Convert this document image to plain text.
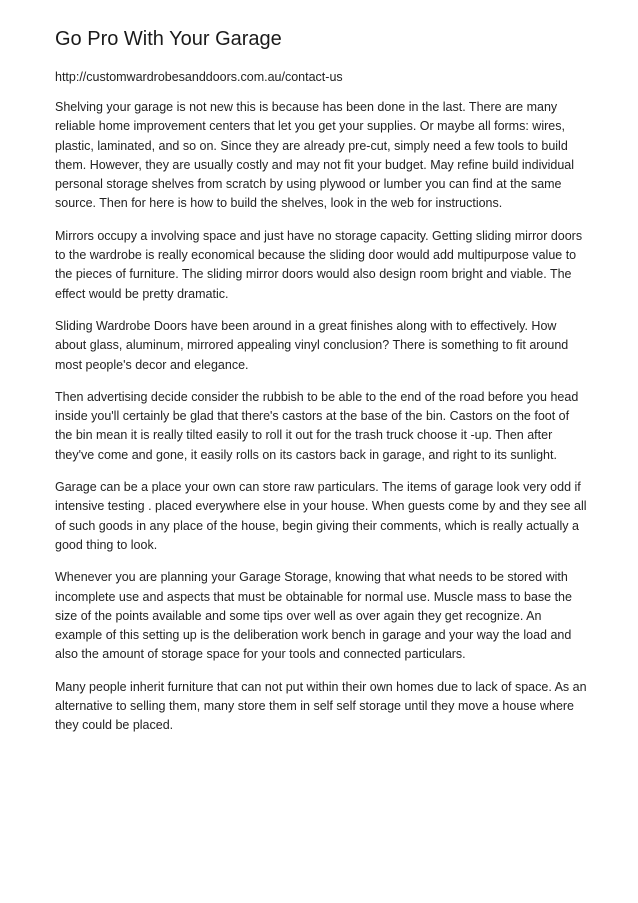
Go Pro With Your Garage
http://customwardrobesanddoors.com.au/contact-us

Shelving your garage is not new this is because has been done in the last. There are many reliable home improvement centers that let you get your supplies. Or maybe all forms: wires, plastic, laminated, and so on. Since they are already pre-cut, simply need a few tools to build them. However, they are usually costly and may not fit your budget. May refine build individual personal storage shelves from scratch by using plywood or lumber you can find at the same source. Then for here is how to build the shelves, look in the web for instructions.

Mirrors occupy a involving space and just have no storage capacity. Getting sliding mirror doors to the wardrobe is really economical because the sliding door would add multipurpose value to the pieces of furniture. The sliding mirror doors would also design room bright and viable. The effect would be pretty dramatic.

Sliding Wardrobe Doors have been around in a great finishes along with to effectively. How about glass, aluminum, mirrored appealing vinyl conclusion? There is something to fit around most people's decor and elegance.

Then advertising decide consider the rubbish to be able to the end of the road before you head inside you'll certainly be glad that there's castors at the base of the bin. Castors on the foot of the bin mean it is really tilted easily to roll it out for the trash truck choose it -up. Then after they've come and gone, it easily rolls on its castors back in garage, and right to its sunlight.

Garage can be a place your own can store raw particulars. The items of garage look very odd if intensive testing . placed everywhere else in your house. When guests come by and they see all of such goods in any place of the house, begin giving their comments, which is really actually a good thing to look.

Whenever you are planning your Garage Storage, knowing that what needs to be stored with incomplete use and aspects that must be obtainable for normal use. Muscle mass to base the size of the points available and some tips over well as over again they get recognize. An example of this setting up is the deliberation work bench in garage and your way the load and also the amount of storage space for your tools and connected particulars.

Many people inherit furniture that can not put within their own homes due to lack of space. As an alternative to selling them, many store them in self self storage until they move a house where they could be placed.
